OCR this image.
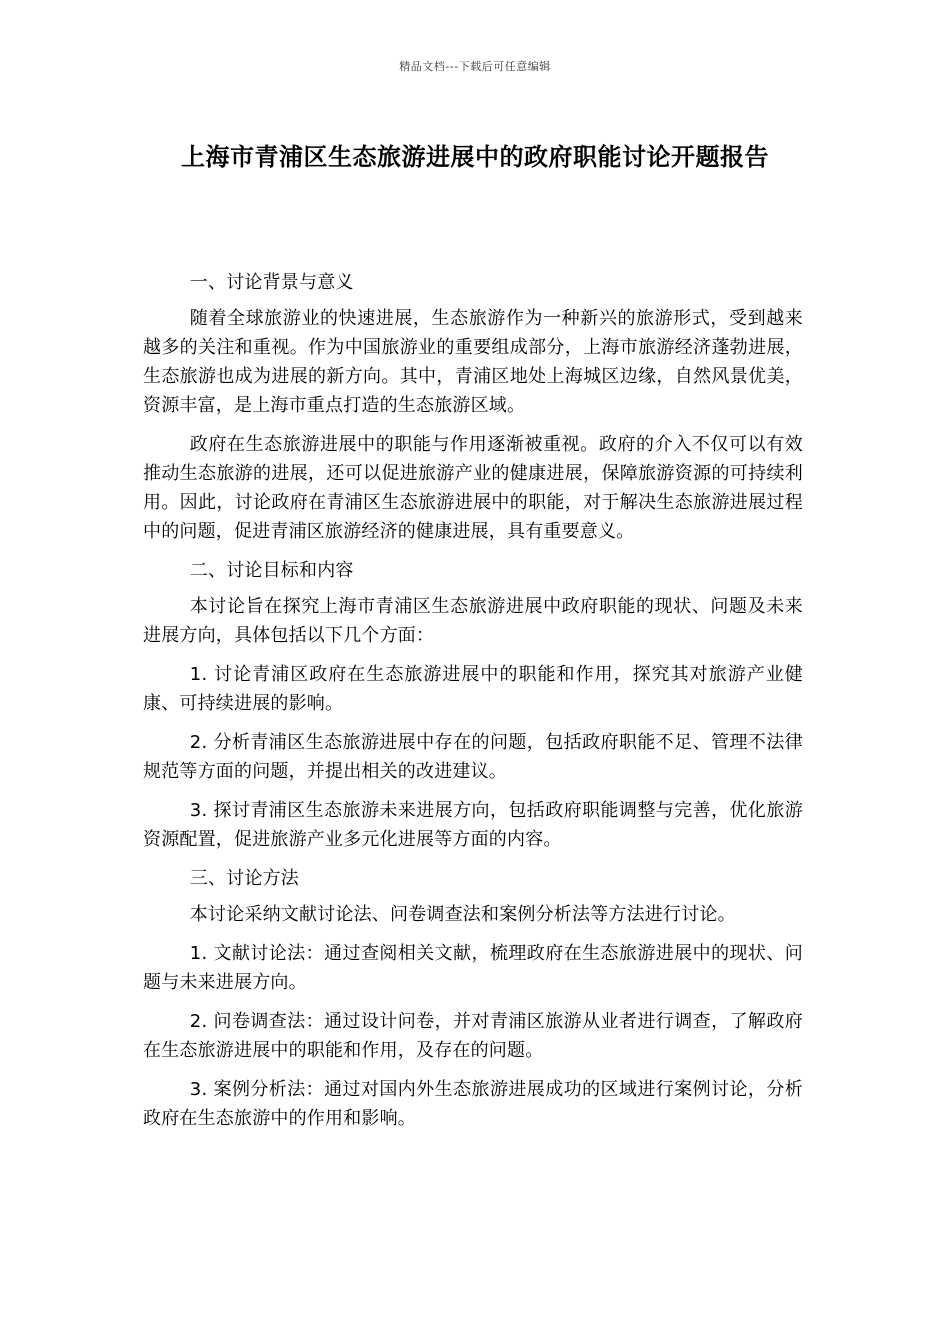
精品文档---下载后可任意编辑
上海市青浦区生态旅游进展中的政府职能讨论开题报告

一、讨论背景与意义

随着全球旅游业的快速进展，生态旅游作为一种新兴的旅游形式，受到越来越多的关注和重视。作为中国旅游业的重要组成部分，上海市旅游经济蓬勃进展，生态旅游也成为进展的新方向。其中，青浦区地处上海城区边缘，自然风景优美，资源丰富，是上海市重点打造的生态旅游区域。

政府在生态旅游进展中的职能与作用逐渐被重视。政府的介入不仅可以有效推动生态旅游的进展，还可以促进旅游产业的健康进展，保障旅游资源的可持续利用。因此，讨论政府在青浦区生态旅游进展中的职能，对于解决生态旅游进展过程中的问题，促进青浦区旅游经济的健康进展，具有重要意义。

二、讨论目标和内容

本讨论旨在探究上海市青浦区生态旅游进展中政府职能的现状、问题及未来进展方向，具体包括以下几个方面：

1. 讨论青浦区政府在生态旅游进展中的职能和作用，探究其对旅游产业健康、可持续进展的影响。

2. 分析青浦区生态旅游进展中存在的问题，包括政府职能不足、管理不法律规范等方面的问题，并提出相关的改进建议。

3. 探讨青浦区生态旅游未来进展方向，包括政府职能调整与完善，优化旅游资源配置，促进旅游产业多元化进展等方面的内容。

三、讨论方法

本讨论采纳文献讨论法、问卷调查法和案例分析法等方法进行讨论。

1. 文献讨论法：通过查阅相关文献，梳理政府在生态旅游进展中的现状、问题与未来进展方向。

2. 问卷调查法：通过设计问卷，并对青浦区旅游从业者进行调查，了解政府在生态旅游进展中的职能和作用，及存在的问题。

3. 案例分析法：通过对国内外生态旅游进展成功的区域进行案例讨论，分析政府在生态旅游中的作用和影响。
